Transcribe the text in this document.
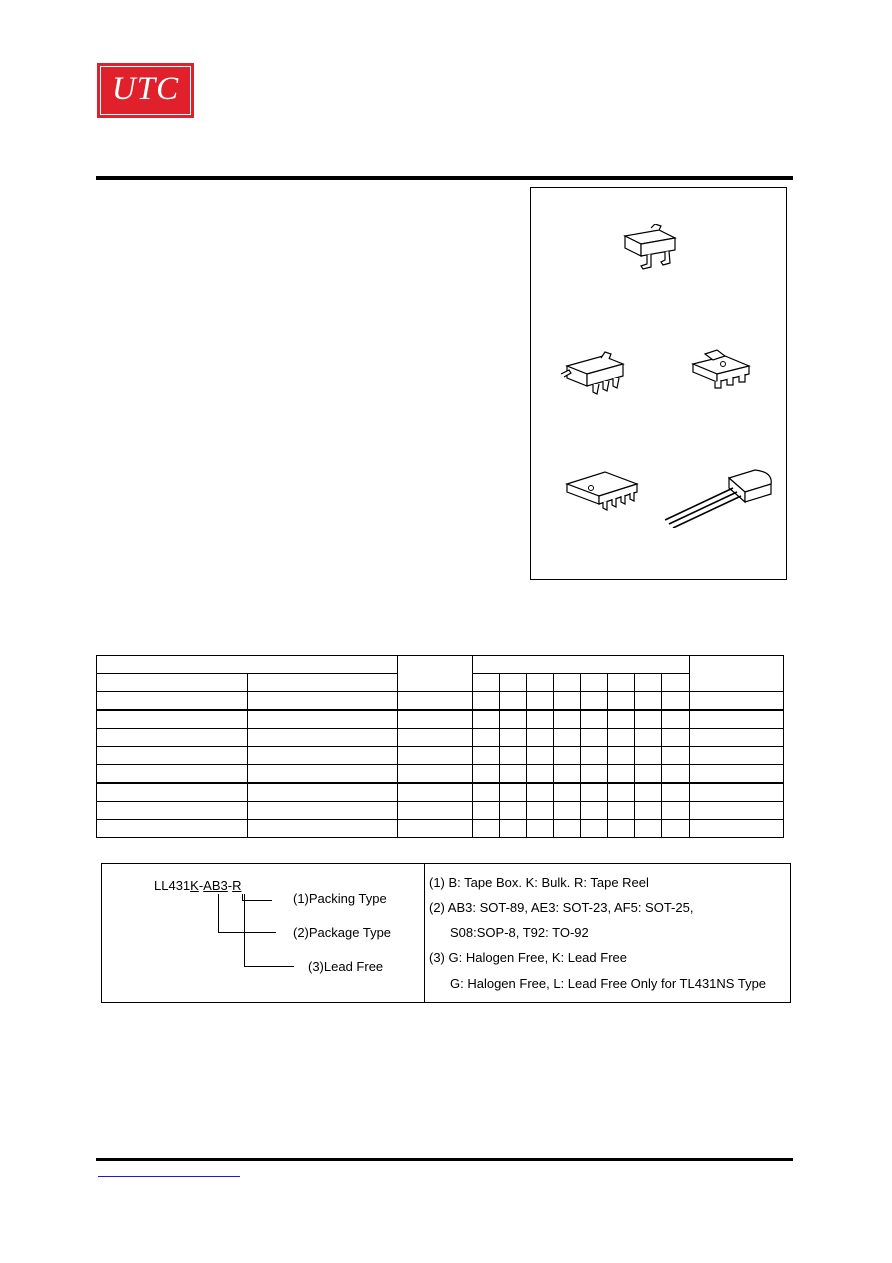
UTC

LL431K-AB3-R
(1)Packing Type
(2)Package Type
(3)Lead Free
(1) B: Tape Box. K: Bulk. R: Tape Reel
(2) AB3: SOT-89, AE3: SOT-23, AF5: SOT-25,
S08:SOP-8, T92: TO-92
(3) G: Halogen Free, K: Lead Free
G: Halogen Free, L: Lead Free Only for TL431NS Type
